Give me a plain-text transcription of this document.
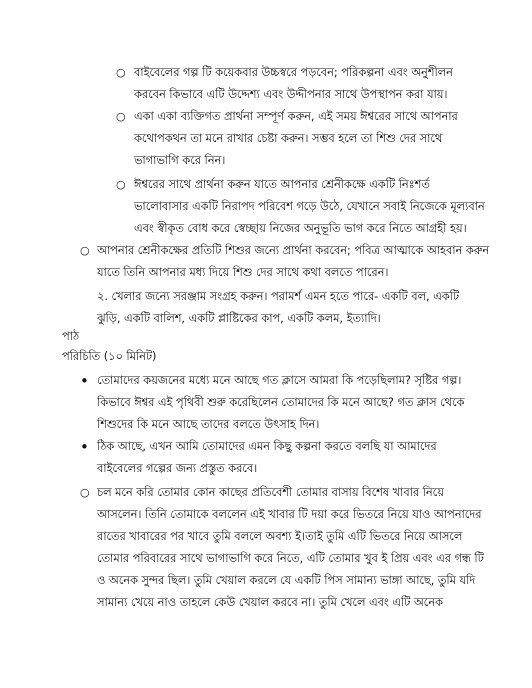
○ বাইবেলের গল্প টি কয়েকবার উচ্চস্বরে পড়বেন; পরিকল্পনা এবং অনুশীলন
করবেন কিভাবে এটি উদ্দেশ্য এবং উদ্দীপনার সাথে উপস্থাপন করা যায়।
○ একা একা ব্যক্তিগত প্রার্থনা সম্পূর্ণ করুন, এই সময় ঈশ্বরের সাথে আপনার
কথোপকথন তা মনে রাখার চেষ্টা করুন। সম্ভব হলে তা শিশু দের সাথে
ভাগাভাগি করে নিন।
○ ঈশ্বরের সাথে প্রার্থনা করুন যাতে আপনার শ্রেনীকক্ষে একটি নিঃশর্ত
ভালোবাসার একটি নিরাপদ পরিবেশ গড়ে উঠে, যেখানে সবাই নিজেকে মূল্যবান
এবং স্বীকৃত বোধ করে স্বেচ্ছায় নিজের অনুভূতি ভাগ করে নিতে আগ্রহী হয়।
○ আপনার শ্রেনীকক্ষের প্রতিটি শিশুর জন্যে প্রার্থনা করবেন; পবিত্র আত্মাকে আহবান করুন
যাতে তিনি আপনার মধ্য দিয়ে শিশু দের সাথে কথা বলতে পারেন।
২. খেলার জন্যে সরঞ্জাম সংগ্রহ করুন। পরামর্শ এমন হতে পারে- একটি বল, একটি
ঝুড়ি, একটি বালিশ, একটি প্লাষ্টিকের কাপ, একটি কলম, ইত্যাদি।
পাঠ
পরিচিতি (১০ মিনিট)
• তোমাদের কয়জনের মধ্যে মনে আছে গত ক্লাসে আমরা কি পড়েছিলাম? সৃষ্টির গল্প।
কিভাবে ঈশ্বর এই পৃথিবী শুরু করেছিলেন তোমাদের কি মনে আছে? গত ক্লাস থেকে
শিশুদের কি মনে আছে তাদের বলতে উৎসাহ দিন।
• ঠিক আছে, এখন আমি তোমাদের এমন কিছু কল্পনা করতে বলছি যা আমাদের
বাইবেলের গল্পের জন্য প্রস্তুত করবে।
○ চল মনে করি তোমার কোন কাছের প্রতিবেশী তোমার বাসায় বিশেষ খাবার নিয়ে
আসলেন। তিনি তোমাকে বললেন এই খাবার টি দয়া করে ভিতরে নিয়ে যাও আপনাদের
রাতের খাবারের পর খাবে তুমি বললে অবশ্য ই।তাই তুমি এটি ভিতরে নিয়ে আসলে
তোমার পরিবারের সাথে ভাগাভাগি করে নিতে, এটি তোমার খুব ই প্রিয় এবং এর গন্ধ টি
ও অনেক সুন্দর ছিল। তুমি খেয়াল করলে যে একটি পিস সামান্য ভাঙ্গা আছে, তুমি যদি
সামান্য খেয়ে নাও তাহলে কেউ খেয়াল করবে না। তুমি খেলে এবং এটি অনেক
